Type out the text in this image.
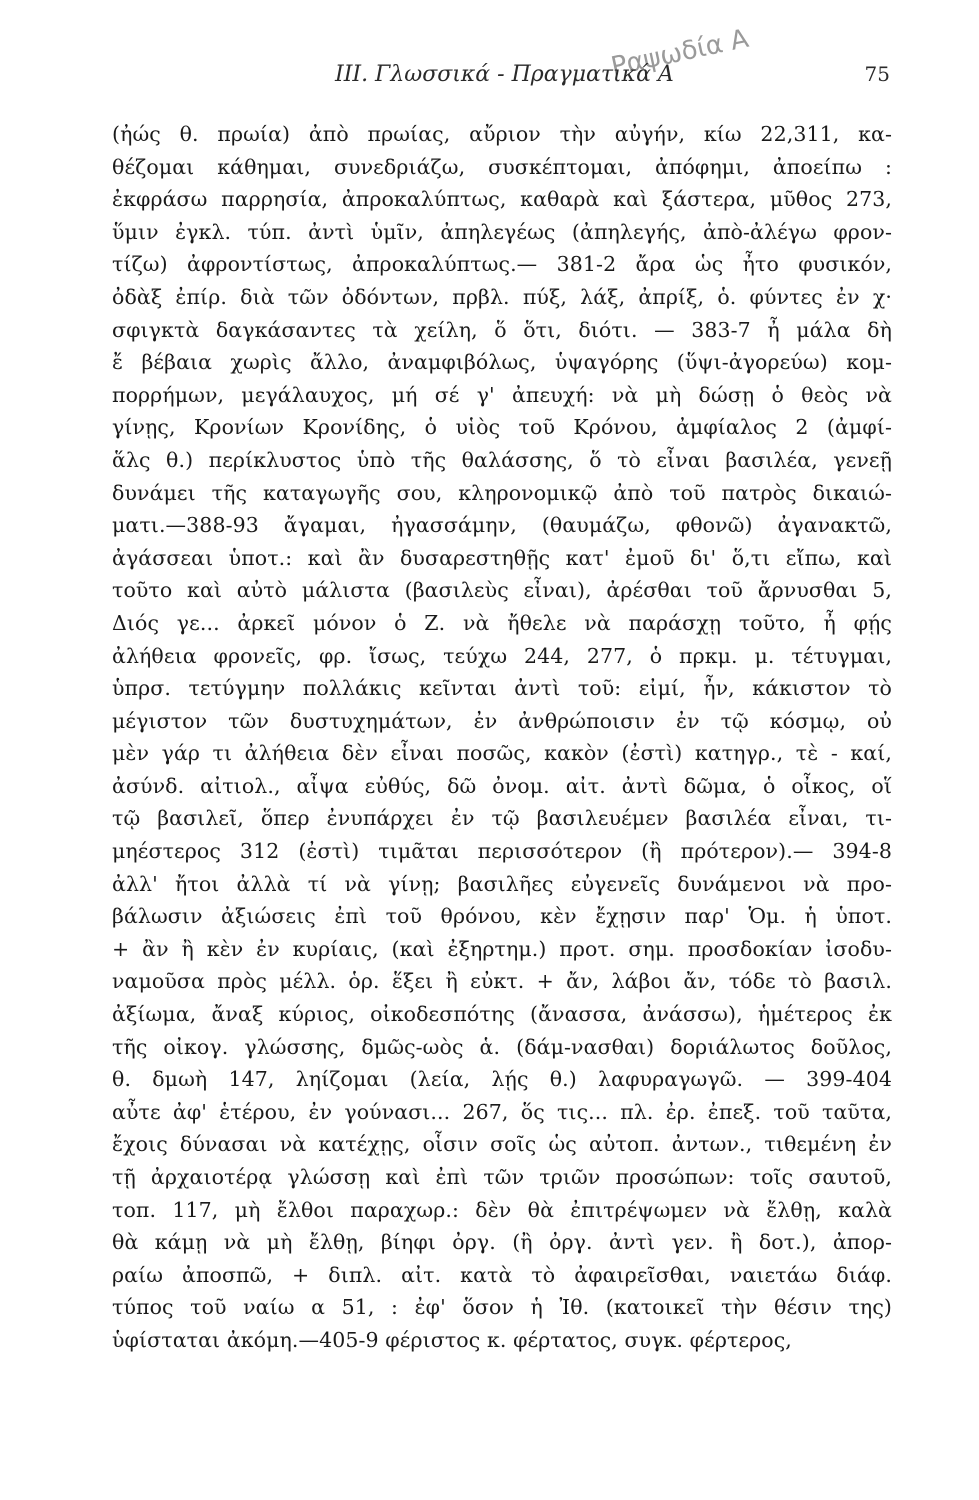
Ραψωδία Α
III. Γλωσσικά - Πραγματικά Α	75
(ἠώς θ. πρωία) ἀπὸ πρωίας, αὔριον τὴν αὐγήν, κίω 22,311, κα-
θέζομαι κάθημαι, συνεδριάζω, συσκέπτομαι, ἀπόφημι, ἀποείπω :
ἐκφράσω παρρησία, ἀπροκαλύπτως, καθαρὰ καὶ ξάστερα, μῦθος 273,
ὕμιν ἐγκλ. τύπ. ἀντὶ ὑμῖν, ἀπηλεγέως (ἀπηλεγής, ἀπὸ-ἀλέγω φρον-
τίζω) ἀφροντίστως, ἀπροκαλύπτως.— 381-2 ἄρα ὡς ἦτο φυσικόν,
ὀδὰξ ἐπίρ. διὰ τῶν ὀδόντων, πρβλ. πύξ, λάξ, ἀπρίξ, ὁ. φύντες ἐν χ·
σφιγκτὰ δαγκάσαντες τὰ χείλη, ὅ ὅτι, διότι. — 383-7 ἦ μάλα δὴ
ἔ βέβαια χωρὶς ἄλλο, ἀναμφιβόλως, ὑψαγόρης (ὕψι-ἀγορεύω) κομ-
πορρήμων, μεγάλαυχος, μή σέ γ' ἀπευχή: νὰ μὴ δώσῃ ὁ θεὸς νὰ
γίνῃς, Κρονίων Κρονίδης, ὁ υἱὸς τοῦ Κρόνου, ἀμφίαλος 2 (ἀμφί-
ἅλς θ.) περίκλυστος ὑπὸ τῆς θαλάσσης, ὅ τὸ εἶναι βασιλέα, γενεῇ
δυνάμει τῆς καταγωγῆς σου, κληρονομικῷ ἀπὸ τοῦ πατρὸς δικαιώ-
ματι.—388-93 ἄγαμαι, ἠγασσάμην, (θαυμάζω, φθονῶ) ἀγανακτῶ,
ἀγάσσεαι ὑποτ.: καὶ ἂν δυσαρεστηθῇς κατ' ἐμοῦ δι' ὅ,τι εἴπω, καὶ
τοῦτο καὶ αὐτὸ μάλιστα (βασιλεὺς εἶναι), ἀρέσθαι τοῦ ἄρνυσθαι 5,
Διός γε... ἀρκεῖ μόνον ὁ Ζ. νὰ ἤθελε νὰ παράσχῃ τοῦτο, ἦ φῄς
ἀλήθεια φρονεῖς, φρ. ἴσως, τεύχω 244, 277, ὁ πρκμ. μ. τέτυγμαι,
ὑπρσ. τετύγμην πολλάκις κεῖνται ἀντὶ τοῦ: εἰμί, ἦν, κάκιστον τὸ
μέγιστον τῶν δυστυχημάτων, ἐν ἀνθρώποισιν ἐν τῷ κόσμῳ, οὐ
μὲν γάρ τι ἀλήθεια δὲν εἶναι ποσῶς, κακὸν (ἐστὶ) κατηγρ., τὲ - καί,
ἀσύνδ. αἰτιολ., αἶψα εὐθύς, δῶ ὀνομ. αἰτ. ἀντὶ δῶμα, ὁ οἶκος, οἵ
τῷ βασιλεῖ, ὅπερ ἐνυπάρχει ἐν τῷ βασιλευέμεν βασιλέα εἶναι, τι-
μηέστερος 312 (ἐστὶ) τιμᾶται περισσότερον (ἢ πρότερον).— 394-8
ἀλλ' ἤτοι ἀλλὰ τί νὰ γίνῃ; βασιλῆες εὐγενεῖς δυνάμενοι νὰ προ-
βάλωσιν ἀξιώσεις ἐπὶ τοῦ θρόνου, κὲν ἔχῃσιν παρ' Ὁμ. ἡ ὑποτ.
+ ἂν ἢ κὲν ἐν κυρίαις, (καὶ ἐξηρτημ.) προτ. σημ. προσδοκίαν ἰσοδυ-
ναμοῦσα πρὸς μέλλ. ὁρ. ἕξει ἢ εὐκτ. + ἄν, λάβοι ἄν, τόδε τὸ βασιλ.
ἀξίωμα, ἄναξ κύριος, οἰκοδεσπότης (ἄνασσα, ἀνάσσω), ἡμέτερος ἐκ
τῆς οἰκογ. γλώσσης, δμῶς-ωὸς ἁ. (δάμ-νασθαι) δοριάλωτος δοῦλος,
θ. δμωὴ 147, ληίζομαι (λεία, λῄς θ.) λαφυραγωγῶ. — 399-404
αὖτε ἀφ' ἑτέρου, ἐν γούνασι... 267, ὅς τις... πλ. ἐρ. ἐπεξ. τοῦ ταῦτα,
ἔχοις δύνασαι νὰ κατέχῃς, οἷσιν σοῖς ὡς αὐτοπ. ἀντων., τιθεμένη ἐν
τῇ ἀρχαιοτέρᾳ γλώσσῃ καὶ ἐπὶ τῶν τριῶν προσώπων: τοῖς σαυτοῦ,
τοπ. 117, μὴ ἔλθοι παραχωρ.: δὲν θὰ ἐπιτρέψωμεν νὰ ἔλθῃ, καλὰ
θὰ κάμῃ νὰ μὴ ἔλθῃ, βίηφι ὀργ. (ἢ ὀργ. ἀντὶ γεν. ἢ δοτ.), ἀπορ-
ραίω ἀποσπῶ, + διπλ. αἰτ. κατὰ τὸ ἀφαιρεῖσθαι, ναιετάω διάφ.
τύπος τοῦ ναίω α 51, : ἐφ' ὅσον ἡ Ἰθ. (κατοικεῖ τὴν θέσιν της)
ὑφίσταται ἀκόμη.—405-9 φέριστος κ. φέρτατος, συγκ. φέρτερος,
